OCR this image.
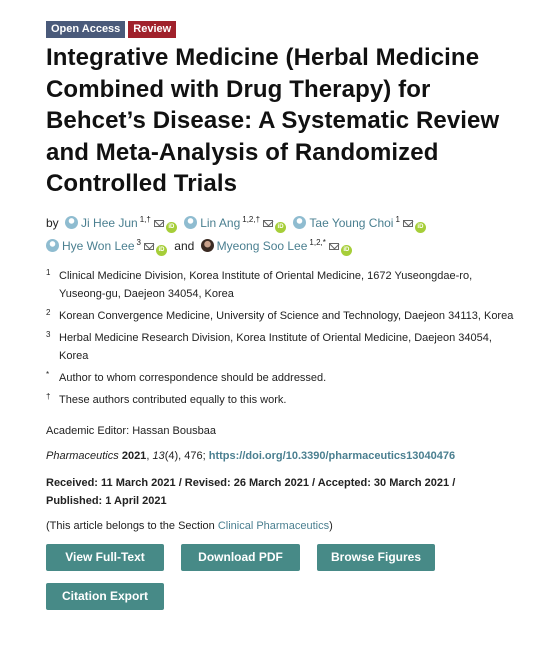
Open Access	Review
Integrative Medicine (Herbal Medicine Combined with Drug Therapy) for Behcet’s Disease: A Systematic Review and Meta-Analysis of Randomized Controlled Trials
by Ji Hee Jun $^{1,\dagger}$iD Lin Ang $^{1,2,\dagger}$iD Tae Young Choi $^1$iD Hye Won Lee $^3$iD and Myeong Soo Lee $^{1,2,*}$iD
1 Clinical Medicine Division, Korea Institute of Oriental Medicine, 1672 Yuseongdae-ro, Yuseong-gu, Daejeon 34054, Korea
2 Korean Convergence Medicine, University of Science and Technology, Daejeon 34113, Korea
3 Herbal Medicine Research Division, Korea Institute of Oriental Medicine, Daejeon 34054, Korea
* Author to whom correspondence should be addressed.
† These authors contributed equally to this work.
Academic Editor: Hassan Bousbaa
Pharmaceutics 2021, 13(4), 476; https://doi.org/10.3390/pharmaceutics13040476
Received: 11 March 2021 / Revised: 26 March 2021 / Accepted: 30 March 2021 /
Published: 1 April 2021
(This article belongs to the Section Clinical Pharmaceutics)
View Full-Text	Download PDF	Browse Figures
Citation Export
